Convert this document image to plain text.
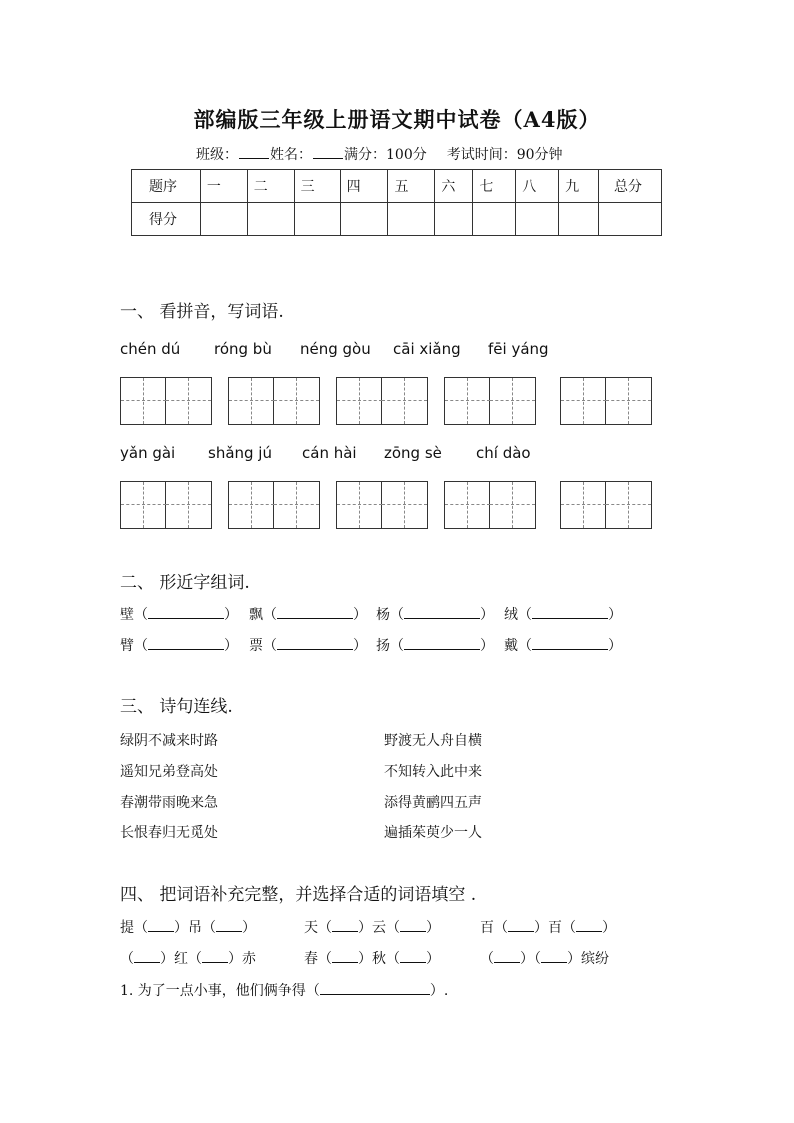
部编版三年级上册语文期中试卷（A4版）
班级： 姓名： 满分：100分 考试时间：90分钟
题序	一	二	三	四	五	六	七	八	九	总分
得分										
一、 看拼音，写词语.
chén dú róng bù néng gòu cāi xiǎng fēi yáng
yǎn gài shǎng jú cán hài zōng sè chí dào
二、 形近字组词.
壁（	） 飘（	） 杨（	） 绒（	）
臂（	） 票（	） 扬（	） 戴（	）
三、 诗句连线.
绿阴不减来时路
遥知兄弟登高处
春潮带雨晚来急
长恨春归无觅处
野渡无人舟自横
不知转入此中来
添得黄鹂四五声
遍插茱萸少一人
四、 把词语补充完整，并选择合适的词语填空 .
提（ ）吊（ ）	天（ ）云（ ）	百（ ）百（ ）
（ ）红（ ）赤	春（ ）秋（ ）	（ ）（ ）缤纷
1. 为了一点小事，他们俩争得（	）.
